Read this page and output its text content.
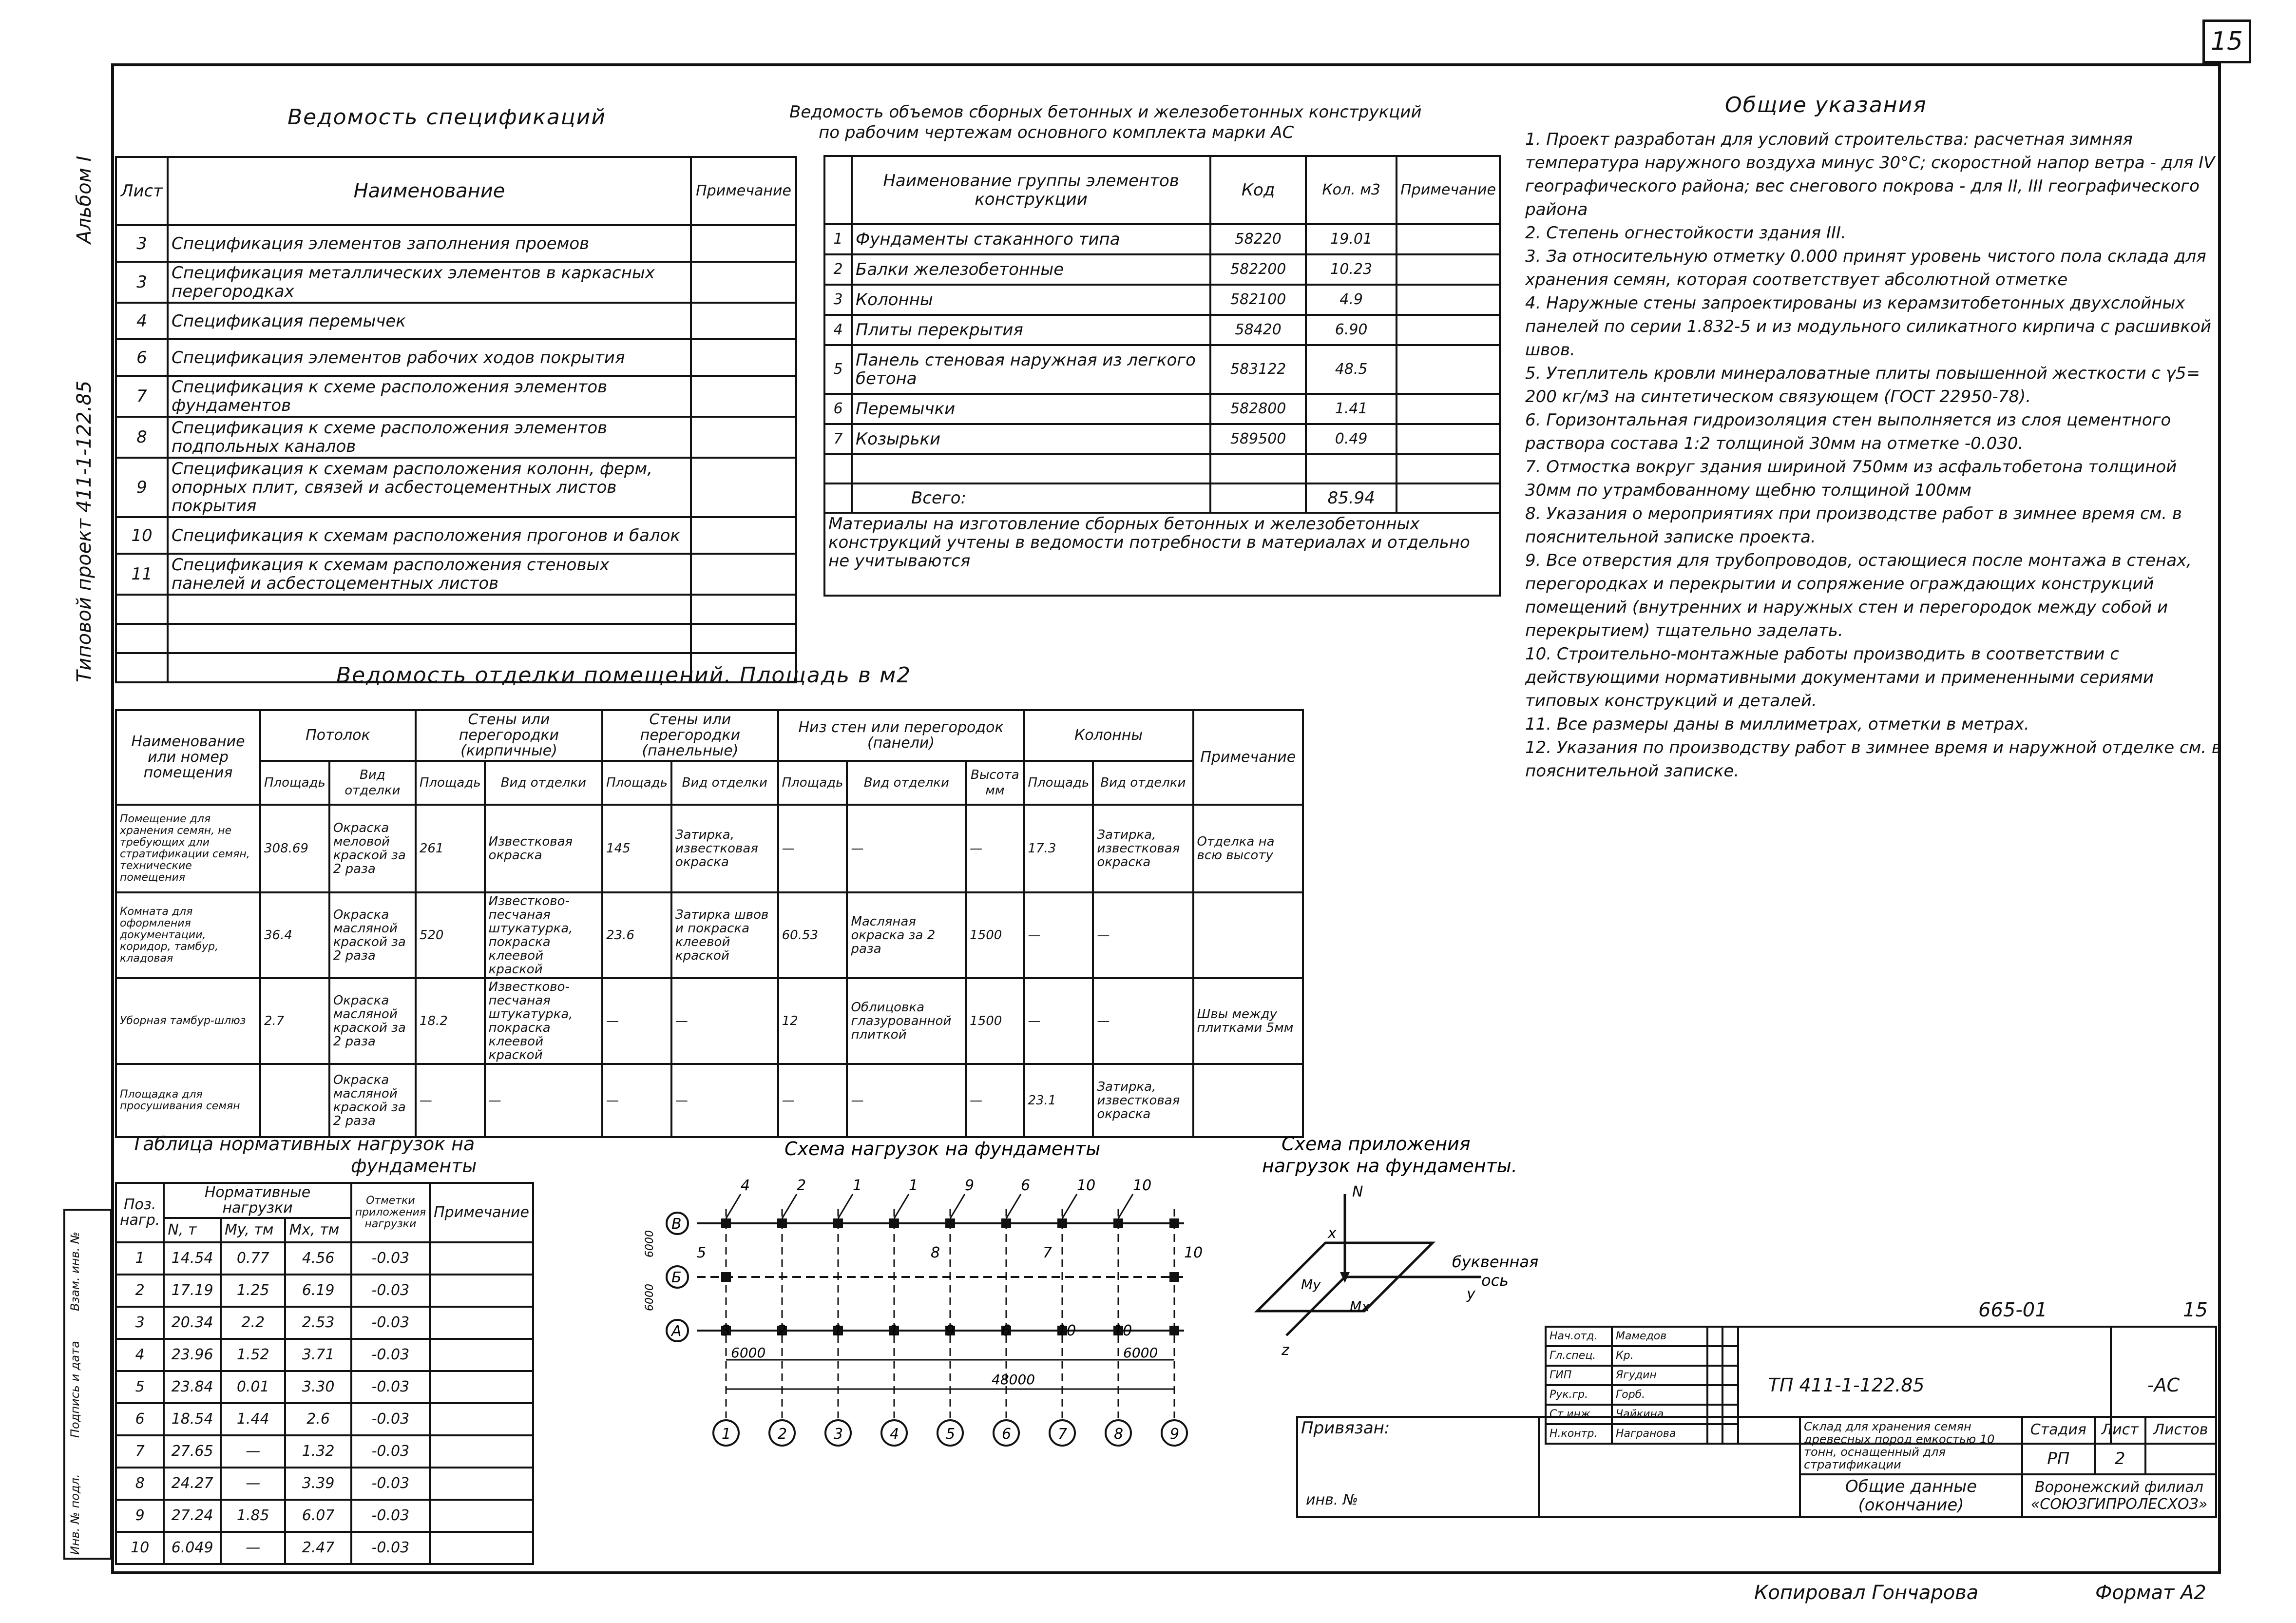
15
Альбом I
Типовой проект 411-1-122.85
Ведомость спецификаций
Лист	Наименование	Примечание
3	Спецификация элементов заполнения проемов	
3	Спецификация металлических элементов в каркасных перегородках	
4	Спецификация перемычек	
6	Спецификация элементов рабочих ходов покрытия	
7	Спецификация к схеме расположения элементов фундаментов	
8	Спецификация к схеме расположения элементов подпольных каналов	
9	Спецификация к схемам расположения колонн, ферм, опорных плит, связей и асбестоцементных листов покрытия	
10	Спецификация к схемам расположения прогонов и балок	
11	Спецификация к схемам расположения стеновых панелей и асбестоцементных листов	

Ведомость объемов сборных бетонных и железобетонных конструкций
по рабочим чертежам основного комплекта марки АС
	Наименование группы элементов конструкции	Код	Кол. м3	Примечание
1	Фундаменты стаканного типа	58220	19.01	
2	Балки железобетонные	582200	10.23	
3	Колонны	582100	4.9	
4	Плиты перекрытия	58420	6.90	
5	Панель стеновая наружная из легкого бетона	583122	48.5	
6	Перемычки	582800	1.41	
7	Козырьки	589500	0.49	

	Всего:		85.94	
Материалы на изготовление сборных бетонных и железобетонных конструкций учтены в ведомости потребности в материалах и отдельно не учитываются				
Общие указания

1. Проект разработан для условий строительства: расчетная зимняя температура наружного воздуха минус 30°С; скоростной напор ветра - для IV географического района; вес снегового покрова - для II, III географического района

2. Степень огнестойкости здания III.

3. За относительную отметку 0.000 принят уровень чистого пола склада для хранения семян, которая соответствует абсолютной отметке

4. Наружные стены запроектированы из керамзитобетонных двухслойных панелей по серии 1.832-5 и из модульного силикатного кирпича с расшивкой швов.

5. Утеплитель кровли минераловатные плиты повышенной жесткости с γ5= 200 кг/м3 на синтетическом связующем (ГОСТ 22950-78).

6. Горизонтальная гидроизоляция стен выполняется из слоя цементного раствора состава 1:2 толщиной 30мм на отметке -0.030.

7. Отмостка вокруг здания шириной 750мм из асфальтобетона толщиной 30мм по утрамбованному щебню толщиной 100мм

8. Указания о мероприятиях при производстве работ в зимнее время см. в пояснительной записке проекта.

9. Все отверстия для трубопроводов, остающиеся после монтажа в стенах, перегородках и перекрытии и сопряжение ограждающих конструкций помещений (внутренних и наружных стен и перегородок между собой и перекрытием) тщательно заделать.

10. Строительно-монтажные работы производить в соответствии с действующими нормативными документами и примененными сериями типовых конструкций и деталей.

11. Все размеры даны в миллиметрах, отметки в метрах.

12. Указания по производству работ в зимнее время и наружной отделке см. в пояснительной записке.

Ведомость отделки помещений. Площадь в м2
Наименование или номер помещения	Потолок		Стены или перегородки (кирпичные)		Стены или перегородки (панельные)		Низ стен или перегородок (панели)			Колонны		Примечание
	Площадь	Вид отделки	Площадь	Вид отделки	Площадь	Вид отделки	Площадь	Вид отделки	Высота мм	Площадь	Вид отделки	
Помещение для хранения семян, не требующих дли стратификации семян, технические помещения	308.69	Окраска меловой краской за 2 раза	261	Известковая окраска	145	Затирка, известковая окраска	—	—	—	17.3	Затирка, известковая окраска	Отделка на всю высоту
Комната для оформления документации, коридор, тамбур, кладовая	36.4	Окраска масляной краской за 2 раза	520	Известково-песчаная штукатурка, покраска клеевой краской	23.6	Затирка швов и покраска клеевой краской	60.53	Масляная окраска за 2 раза	1500	—	—	
Уборная тамбур-шлюз	2.7	Окраска масляной краской за 2 раза	18.2	Известково-песчаная штукатурка, покраска клеевой краской	—	—	12	Облицовка глазурованной плиткой	1500	—	—	Швы между плитками 5мм
Площадка для просушивания семян		Окраска масляной краской за 2 раза	—	—	—	—	—	—	—	23.1	Затирка, известковая окраска	
Таблица нормативных нагрузок на
фундаменты
Поз. нагр.	Нормативные нагрузки			Отметки приложения нагрузки	Примечание
	N, т	My, тм	Mx, тм		
1	14.54	0.77	4.56	-0.03	
2	17.19	1.25	6.19	-0.03	
3	20.34	2.2	2.53	-0.03	
4	23.96	1.52	3.71	-0.03	
5	23.84	0.01	3.30	-0.03	
6	18.54	1.44	2.6	-0.03	
7	27.65	—	1.32	-0.03	
8	24.27	—	3.39	-0.03	
9	27.24	1.85	6.07	-0.03	
10	6.049	—	2.47	-0.03	
Взам. инв. №
Подпись и дата
Инв. № подл.
Схема нагрузок на фундаменты
В
Б
А
1	2	3	4	5	6	7	8	9
4	2	1	1	9	6	10	10
3	2	1	1	9	6	10	10
5	8	7	10
6000
6000
6000
48000
6000
Схема приложения
нагрузок на фундаменты.
N
x
y
z
My
Mx
буквенная
ось
665-01	15
Нач.отд.	Мамедов			ТП 411-1-122.85	-АС
Гл.спец.	Кр.				
ГИП	Ягудин				
Рук.гр.	Горб.				
Ст.инж.	Чайкина				
Н.контр.	Награнова				
Привязан:		Склад для хранения семян древесных пород емкостью 10 тонн, оснащенный для стратификации	Стадия	Лист	Листов
			РП	2	
		Общие данные (окончание)	Воронежский филиал
«СОЮЗГИПРОЛЕСХОЗ»		
инв. №
Копировал Гончарова	Формат А2
